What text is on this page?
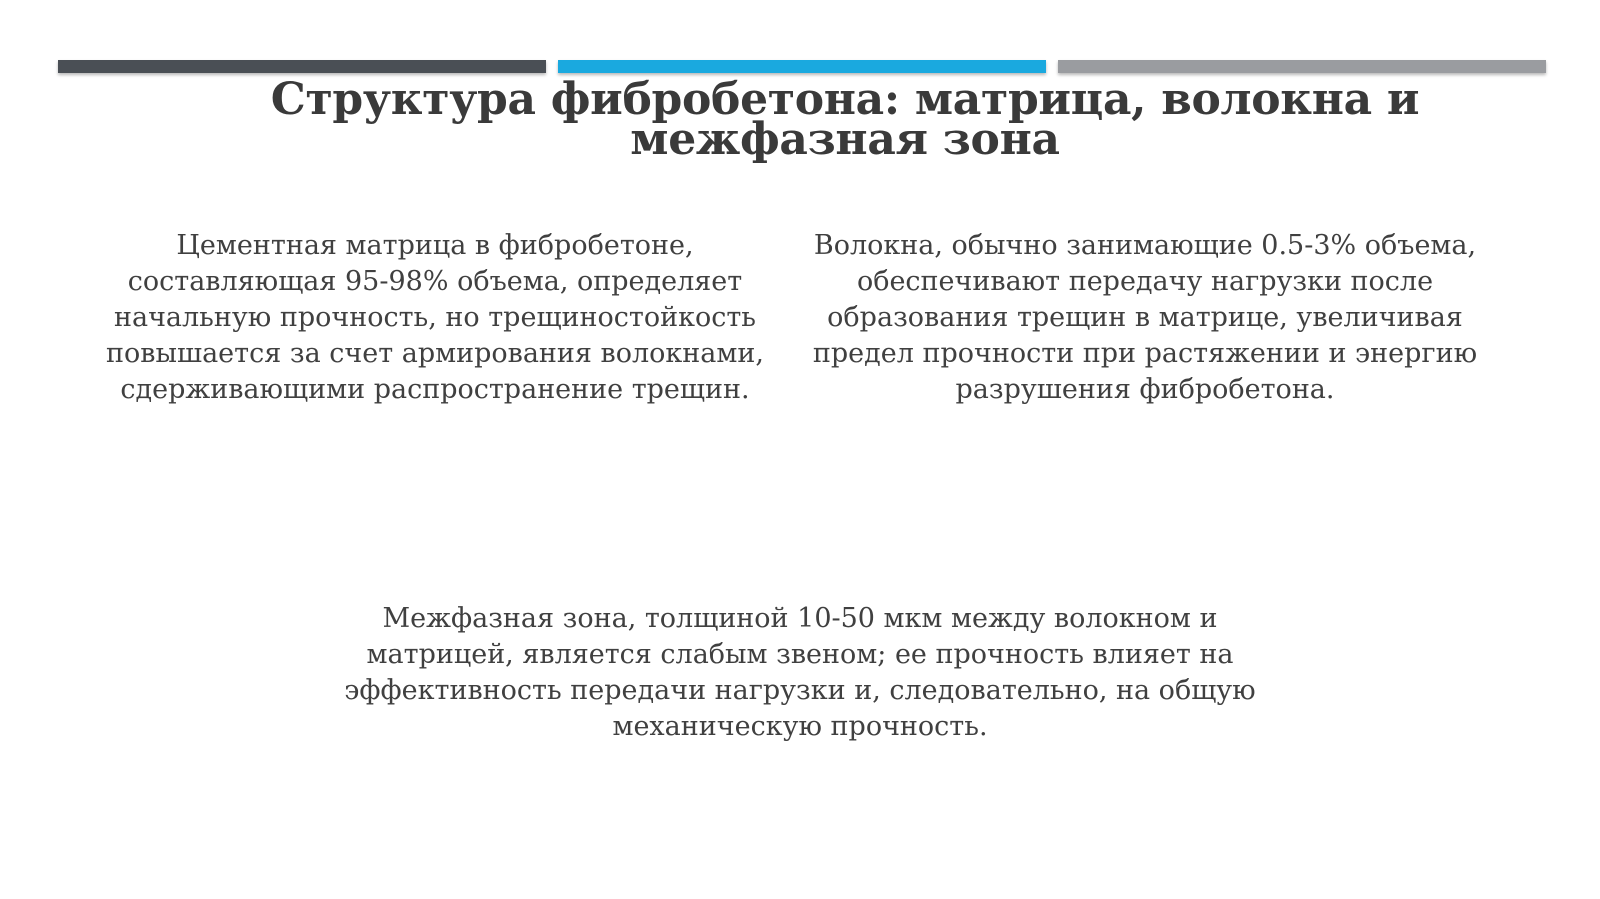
Структура фибробетона: матрица, волокна и межфазная зона

Цементная матрица в фибробетоне, составляющая 95-98% объема, определяет начальную прочность, но трещиностойкость повышается за счет армирования волокнами, сдерживающими распространение трещин.

Волокна, обычно занимающие 0.5-3% объема, обеспечивают передачу нагрузки после образования трещин в матрице, увеличивая предел прочности при растяжении и энергию разрушения фибробетона.

Межфазная зона, толщиной 10-50 мкм между волокном и матрицей, является слабым звеном; ее прочность влияет на эффективность передачи нагрузки и, следовательно, на общую механическую прочность.
